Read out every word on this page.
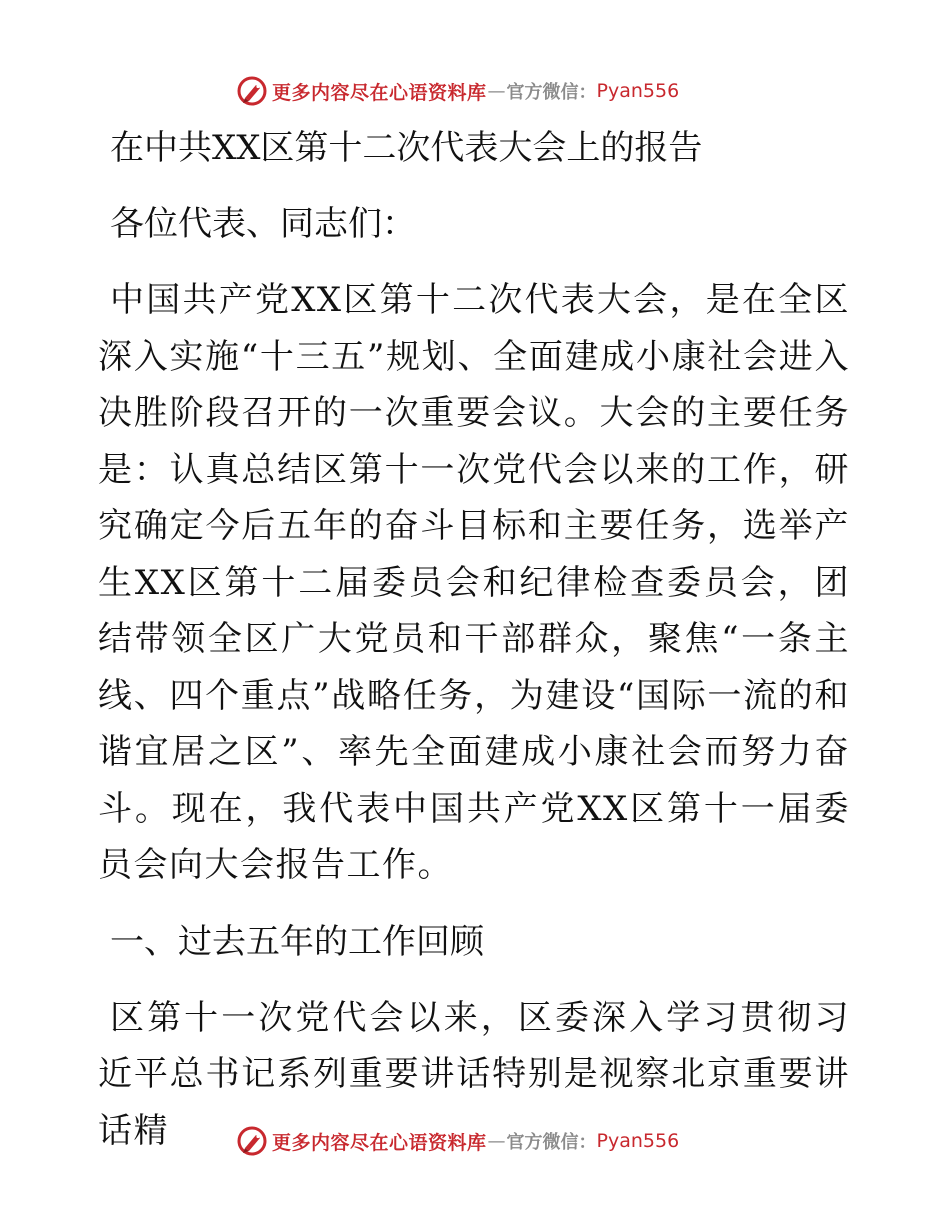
更多内容尽在心语资料库 — 官方微信： Pyan556

在中共XX区第十二次代表大会上的报告

各位代表、同志们：

中国共产党XX区第十二次代表大会，是在全区深入实施“十三五”规划、全面建成小康社会进入决胜阶段召开的一次重要会议。大会的主要任务是：认真总结区第十一次党代会以来的工作，研究确定今后五年的奋斗目标和主要任务，选举产生XX区第十二届委员会和纪律检查委员会，团结带领全区广大党员和干部群众，聚焦“一条主线、四个重点”战略任务，为建设“国际一流的和谐宜居之区”、率先全面建成小康社会而努力奋斗。现在，我代表中国共产党XX区第十一届委员会向大会报告工作。

一、过去五年的工作回顾

区第十一次党代会以来，区委深入学习贯彻习近平总书记系列重要讲话特别是视察北京重要讲话精	更多内容尽在心语资料库 — 官方微信： Pyan556
